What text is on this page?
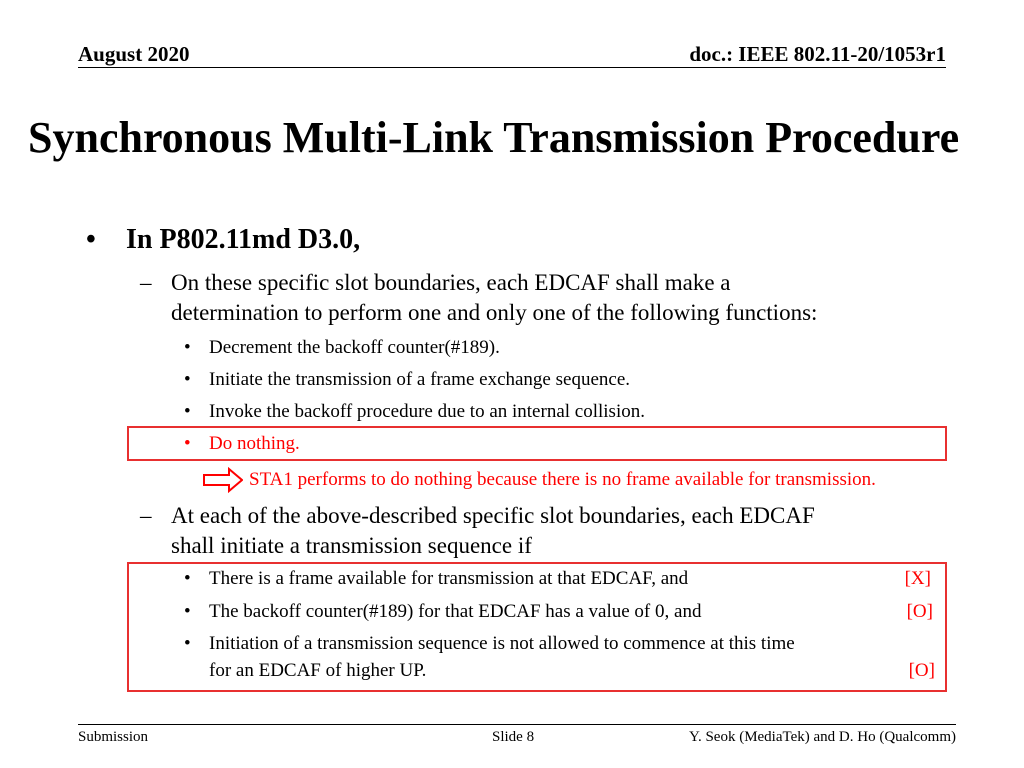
August 2020	doc.: IEEE 802.11-20/1053r1
Synchronous Multi-Link Transmission Procedure
• In P802.11md D3.0,
– On these specific slot boundaries, each EDCAF shall make a
determination to perform one and only one of the following functions:
• Decrement the backoff counter(#189).
• Initiate the transmission of a frame exchange sequence.
• Invoke the backoff procedure due to an internal collision.
• Do nothing.
STA1 performs to do nothing because there is no frame available for transmission.
– At each of the above-described specific slot boundaries, each EDCAF
shall initiate a transmission sequence if
• There is a frame available for transmission at that EDCAF, and	[X]
• The backoff counter(#189) for that EDCAF has a value of 0, and	[O]
• Initiation of a transmission sequence is not allowed to commence at this time
for an EDCAF of higher UP.	[O]
Submission	Slide 8	Y. Seok (MediaTek) and D. Ho (Qualcomm)
